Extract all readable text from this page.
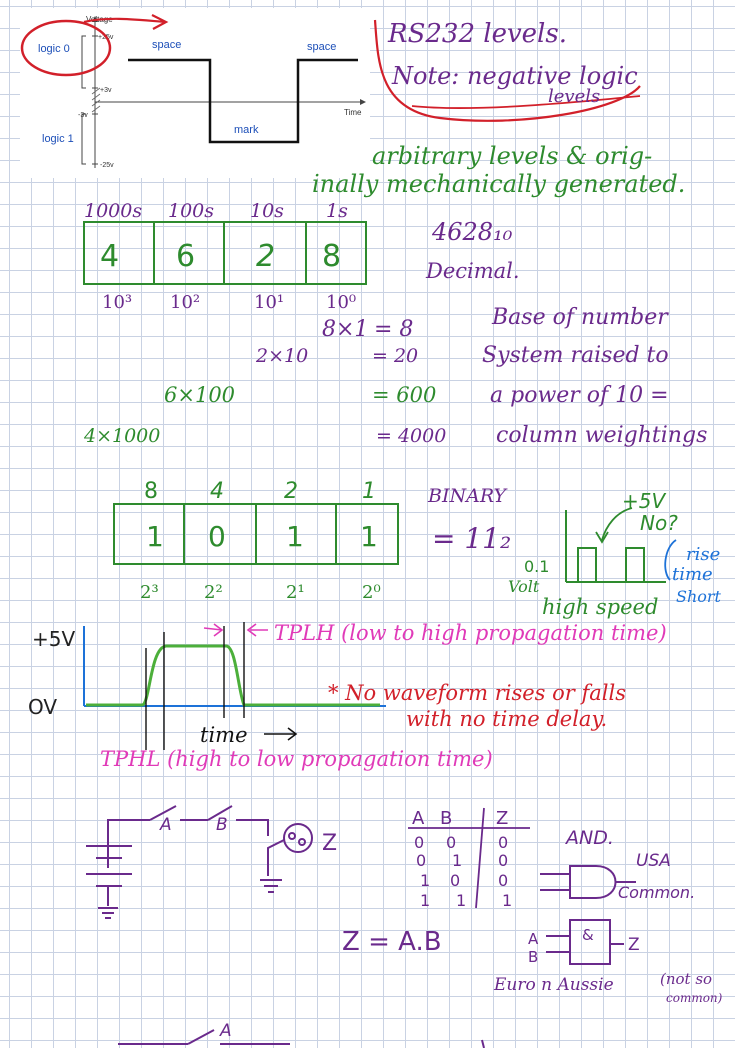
Voltage
+25v
+3v
-3v
-25v
logic 0
logic 1
space	space
mark
Time
RS232 levels.
Note: negative logic
levels
arbitrary levels & orig-
inally mechanically generated.
1000s 100s 10s 1s
4 6 2 8
10³ 10²	10¹ 10⁰
4628₁₀
Decimal.
8×1 = 8
2×10	= 20
6×100	= 600
4×1000	= 4000
Base of number
System raised to
a power of 10 =
column weightings
8 4	2	1
1 0 1 1
2³	2²	2¹	2⁰
BINARY
= 11₂
+5V
No?
0.1
Volt
high speed
rise
time
Short
+5V
OV
TPLH (low to high propagation time)
* No waveform rises or falls
with no time delay.
time
TPHL (high to low propagation time)
A	B
Z
A B Z
0 0	0
0 1 0
1 0 0
1 1 1
AND.
USA
Common.
Z = A.B	A
B
& Z
Euro n Aussie	(not so
common)
A
